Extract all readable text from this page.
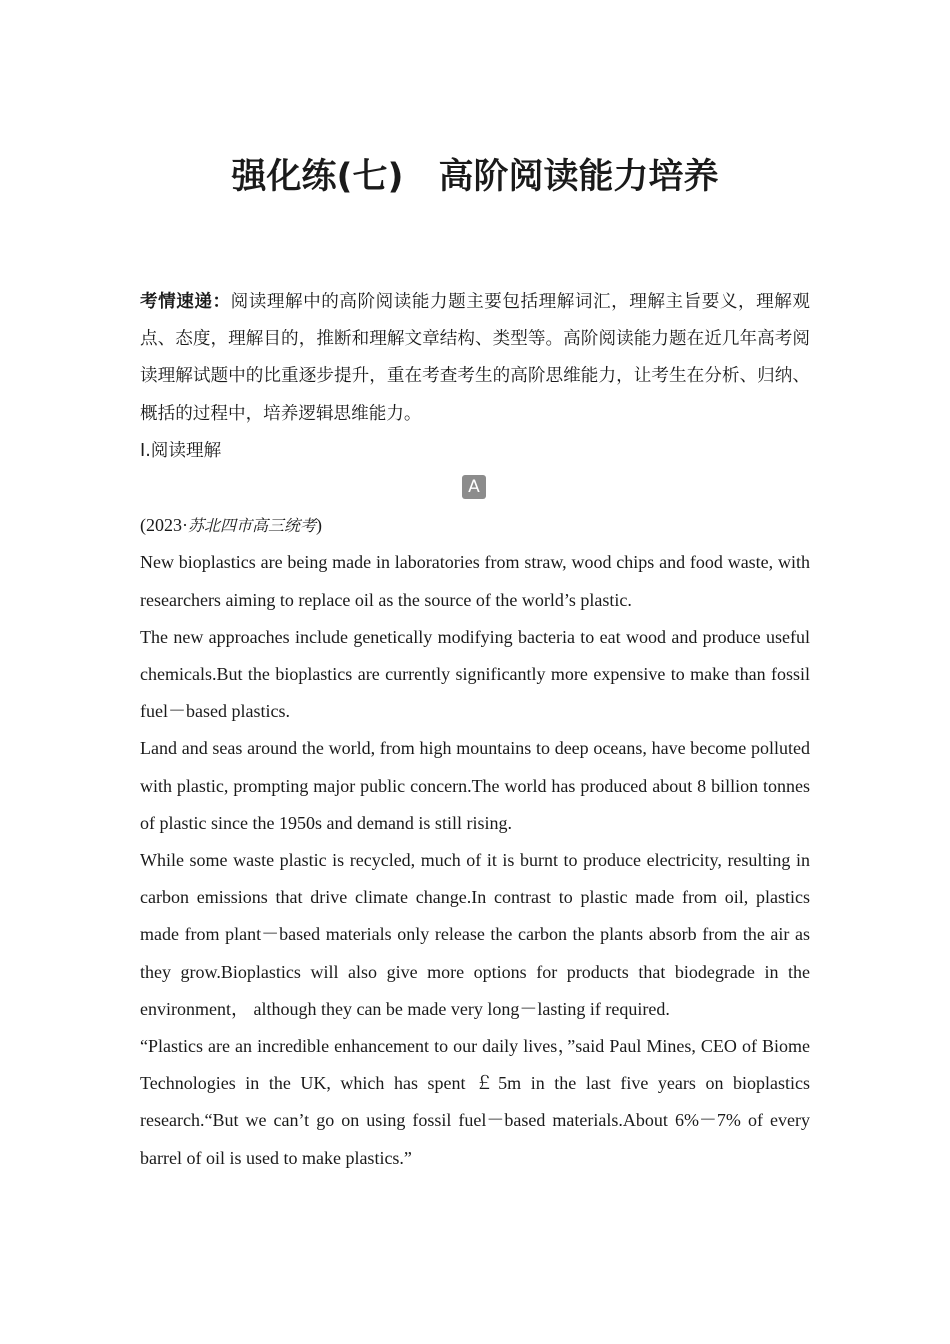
强化练(七)　高阶阅读能力培养

考情速递：阅读理解中的高阶阅读能力题主要包括理解词汇，理解主旨要义，理解观点、态度，理解目的，推断和理解文章结构、类型等。高阶阅读能力题在近几年高考阅读理解试题中的比重逐步提升，重在考查考生的高阶思维能力，让考生在分析、归纳、概括的过程中，培养逻辑思维能力。

Ⅰ.阅读理解

A

(2023·苏北四市高三统考)

New bioplastics are being made in laboratories from straw, wood chips and food waste, with researchers aiming to replace oil as the source of the world’s plastic.

The new approaches include genetically modifying bacteria to eat wood and produce useful chemicals.But the bioplastics are currently significantly more expensive to make than fossil fuel－based plastics.

Land and seas around the world, from high mountains to deep oceans, have become polluted with plastic, prompting major public concern.The world has produced about 8 billion tonnes of plastic since the 1950s and demand is still rising.

While some waste plastic is recycled, much of it is burnt to produce electricity, resulting in carbon emissions that drive climate change.In contrast to plastic made from oil, plastics made from plant－based materials only release the carbon the plants absorb from the air as they grow.Bioplastics will also give more options for products that biodegrade in the environment， although they can be made very long－lasting if required.

“Plastics are an incredible enhancement to our daily lives，”said Paul Mines, CEO of Biome Technologies in the UK, which has spent ￡5m in the last five years on bioplastics research.“But we can’t go on using fossil fuel－based materials.About 6%－7% of every barrel of oil is used to make plastics.”
